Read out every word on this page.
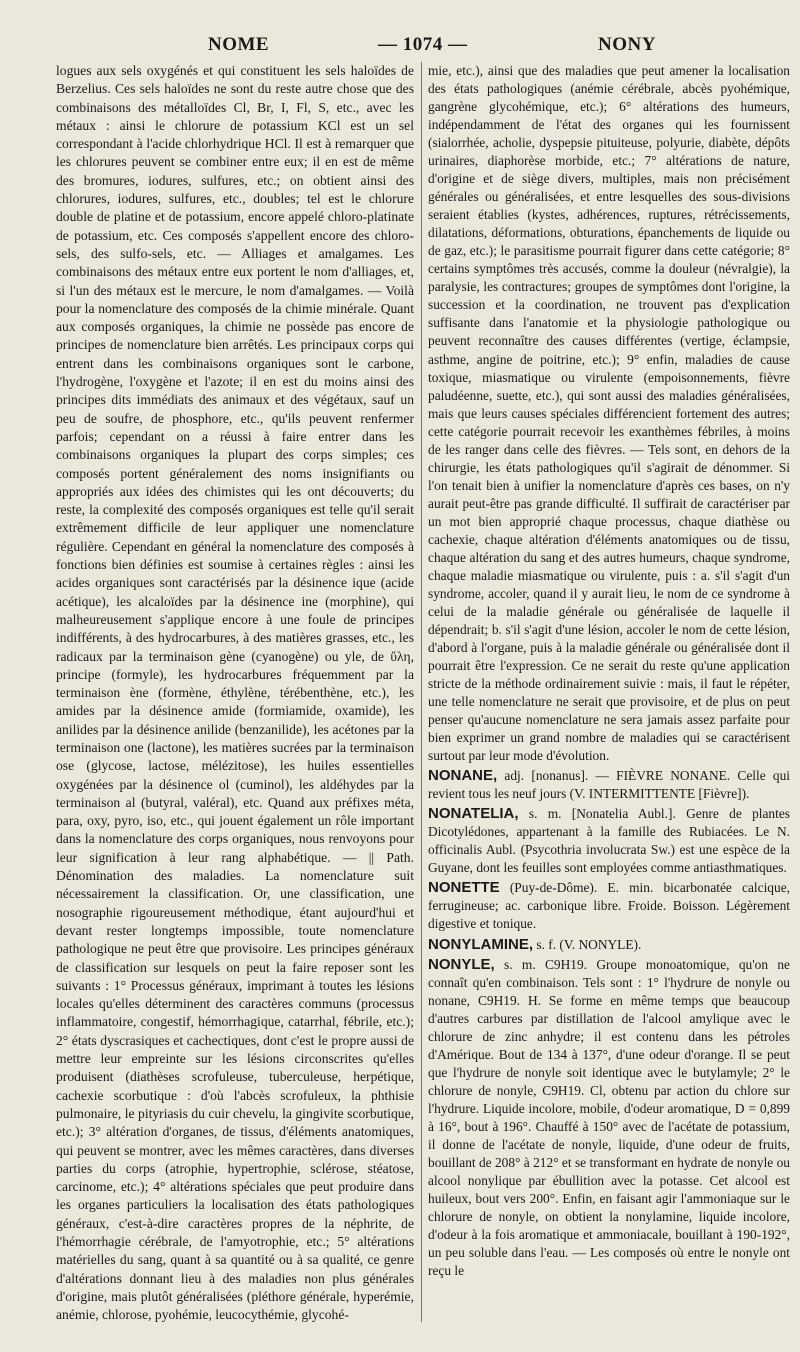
NOME	— 1074 —	NONY

logues aux sels oxygénés et qui constituent les sels haloïdes de Berzelius. Ces sels haloïdes ne sont du reste autre chose que des combinaisons des métalloïdes Cl, Br, I, Fl, S, etc., avec les métaux : ainsi le chlorure de potassium KCl est un sel correspondant à l'acide chlorhydrique HCl. Il est à remarquer que les chlorures peuvent se combiner entre eux; il en est de même des bromures, iodures, sulfures, etc.; on obtient ainsi des chlorures, iodures, sulfures, etc., doubles; tel est le chlorure double de platine et de potassium, encore appelé chloro-platinate de potassium, etc. Ces composés s'appellent encore des chloro-sels, des sulfo-sels, etc. — Alliages et amalgames. Les combinaisons des métaux entre eux portent le nom d'alliages, et, si l'un des métaux est le mercure, le nom d'amalgames. — Voilà pour la nomenclature des composés de la chimie minérale. Quant aux composés organiques, la chimie ne possède pas encore de principes de nomenclature bien arrêtés. Les principaux corps qui entrent dans les combinaisons organiques sont le carbone, l'hydrogène, l'oxygène et l'azote; il en est du moins ainsi des principes dits immédiats des animaux et des végétaux, sauf un peu de soufre, de phosphore, etc., qu'ils peuvent renfermer parfois; cependant on a réussi à faire entrer dans les combinaisons organiques la plupart des corps simples; ces composés portent généralement des noms insignifiants ou appropriés aux idées des chimistes qui les ont découverts; du reste, la complexité des composés organiques est telle qu'il serait extrêmement difficile de leur appliquer une nomenclature régulière. Cependant en général la nomenclature des composés à fonctions bien définies est soumise à certaines règles : ainsi les acides organiques sont caractérisés par la désinence ique (acide acétique), les alcaloïdes par la désinence ine (morphine), qui malheureusement s'applique encore à une foule de principes indifférents, à des hydrocarbures, à des matières grasses, etc., les radicaux par la terminaison gène (cyanogène) ou yle, de ὕλη, principe (formyle), les hydrocarbures fréquemment par la terminaison ène (formène, éthylène, térébenthène, etc.), les amides par la désinence amide (formiamide, oxamide), les anilides par la désinence anilide (benzanilide), les acétones par la terminaison one (lactone), les matières sucrées par la terminaison ose (glycose, lactose, mélézitose), les huiles essentielles oxygénées par la désinence ol (cuminol), les aldéhydes par la terminaison al (butyral, valéral), etc. Quand aux préfixes méta, para, oxy, pyro, iso, etc., qui jouent également un rôle important dans la nomenclature des corps organiques, nous renvoyons pour leur signification à leur rang alphabétique. — || Path. Dénomination des maladies. La nomenclature suit nécessairement la classification. Or, une classification, une nosographie rigoureusement méthodique, étant aujourd'hui et devant rester longtemps impossible, toute nomenclature pathologique ne peut être que provisoire. Les principes généraux de classification sur lesquels on peut la faire reposer sont les suivants : 1° Processus généraux, imprimant à toutes les lésions locales qu'elles déterminent des caractères communs (processus inflammatoire, congestif, hémorrhagique, catarrhal, fébrile, etc.); 2° états dyscrasiques et cachectiques, dont c'est le propre aussi de mettre leur empreinte sur les lésions circonscrites qu'elles produisent (diathèses scrofuleuse, tuberculeuse, herpétique, cachexie scorbutique : d'où l'abcès scrofuleux, la phthisie pulmonaire, le pityriasis du cuir chevelu, la gingivite scorbutique, etc.); 3° altération d'organes, de tissus, d'éléments anatomiques, qui peuvent se montrer, avec les mêmes caractères, dans diverses parties du corps (atrophie, hypertrophie, sclérose, stéatose, carcinome, etc.); 4° altérations spéciales que peut produire dans les organes particuliers la localisation des états pathologiques généraux, c'est-à-dire caractères propres de la néphrite, de l'hémorrhagie cérébrale, de l'amyotrophie, etc.; 5° altérations matérielles du sang, quant à sa quantité ou à sa qualité, ce genre d'altérations donnant lieu à des maladies non plus générales d'origine, mais plutôt généralisées (pléthore générale, hyperémie, anémie, chlorose, pyohémie, leucocythémie, glycohé-

mie, etc.), ainsi que des maladies que peut amener la localisation des états pathologiques (anémie cérébrale, abcès pyohémique, gangrène glycohémique, etc.); 6° altérations des humeurs, indépendamment de l'état des organes qui les fournissent (sialorrhée, acholie, dyspepsie pituiteuse, polyurie, diabète, dépôts urinaires, diaphorèse morbide, etc.; 7° altérations de nature, d'origine et de siège divers, multiples, mais non précisément générales ou généralisées, et entre lesquelles des sous-divisions seraient établies (kystes, adhérences, ruptures, rétrécissements, dilatations, déformations, obturations, épanchements de liquide ou de gaz, etc.); le parasitisme pourrait figurer dans cette catégorie; 8° certains symptômes très accusés, comme la douleur (névralgie), la paralysie, les contractures; groupes de symptômes dont l'origine, la succession et la coordination, ne trouvent pas d'explication suffisante dans l'anatomie et la physiologie pathologique ou peuvent reconnaître des causes différentes (vertige, éclampsie, asthme, angine de poitrine, etc.); 9° enfin, maladies de cause toxique, miasmatique ou virulente (empoisonnements, fièvre paludéenne, suette, etc.), qui sont aussi des maladies généralisées, mais que leurs causes spéciales différencient fortement des autres; cette catégorie pourrait recevoir les exanthèmes fébriles, à moins de les ranger dans celle des fièvres. — Tels sont, en dehors de la chirurgie, les états pathologiques qu'il s'agirait de dénommer. Si l'on tenait bien à unifier la nomenclature d'après ces bases, on n'y aurait peut-être pas grande difficulté. Il suffirait de caractériser par un mot bien approprié chaque processus, chaque diathèse ou cachexie, chaque altération d'éléments anatomiques ou de tissu, chaque altération du sang et des autres humeurs, chaque syndrome, chaque maladie miasmatique ou virulente, puis : a. s'il s'agit d'un syndrome, accoler, quand il y aurait lieu, le nom de ce syndrome à celui de la maladie générale ou généralisée de laquelle il dépendrait; b. s'il s'agit d'une lésion, accoler le nom de cette lésion, d'abord à l'organe, puis à la maladie générale ou généralisée dont il pourrait être l'expression. Ce ne serait du reste qu'une application stricte de la méthode ordinairement suivie : mais, il faut le répéter, une telle nomenclature ne serait que provisoire, et de plus on peut penser qu'aucune nomenclature ne sera jamais assez parfaite pour bien exprimer un grand nombre de maladies qui se caractérisent surtout par leur mode d'évolution.

NONANE, adj. [nonanus]. — FIÈVRE NONANE. Celle qui revient tous les neuf jours (V. INTERMITTENTE [Fièvre]).

NONATELIA, s. m. [Nonatelia Aubl.]. Genre de plantes Dicotylédones, appartenant à la famille des Rubiacées. Le N. officinalis Aubl. (Psycothria involucrata Sw.) est une espèce de la Guyane, dont les feuilles sont employées comme antiasthmatiques.

NONETTE (Puy-de-Dôme). E. min. bicarbonatée calcique, ferrugineuse; ac. carbonique libre. Froide. Boisson. Légèrement digestive et tonique.

NONYLAMINE, s. f. (V. NONYLE).

NONYLE, s. m. C9H19. Groupe monoatomique, qu'on ne connaît qu'en combinaison. Tels sont : 1° l'hydrure de nonyle ou nonane, C9H19. H. Se forme en même temps que beaucoup d'autres carbures par distillation de l'alcool amylique avec le chlorure de zinc anhydre; il est contenu dans les pétroles d'Amérique. Bout de 134 à 137°, d'une odeur d'orange. Il se peut que l'hydrure de nonyle soit identique avec le butylamyle; 2° le chlorure de nonyle, C9H19. Cl, obtenu par action du chlore sur l'hydrure. Liquide incolore, mobile, d'odeur aromatique, D = 0,899 à 16°, bout à 196°. Chauffé à 150° avec de l'acétate de potassium, il donne de l'acétate de nonyle, liquide, d'une odeur de fruits, bouillant de 208° à 212° et se transformant en hydrate de nonyle ou alcool nonylique par ébullition avec la potasse. Cet alcool est huileux, bout vers 200°. Enfin, en faisant agir l'ammoniaque sur le chlorure de nonyle, on obtient la nonylamine, liquide incolore, d'odeur à la fois aromatique et ammoniacale, bouillant à 190-192°, un peu soluble dans l'eau. — Les composés où entre le nonyle ont reçu le
